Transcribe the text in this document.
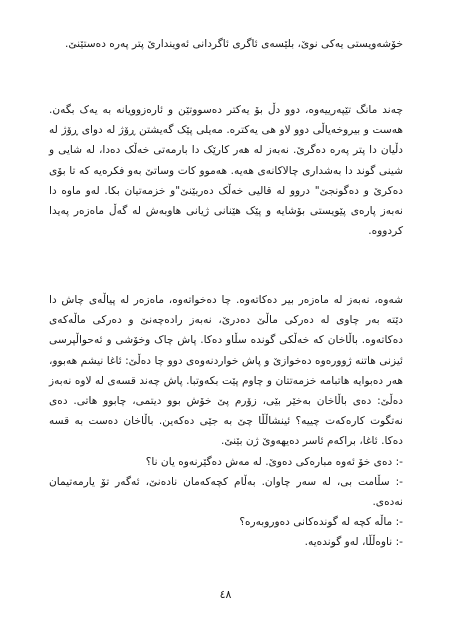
خۆشەویستی یەکی نوێ، بلێسەی ئاگری ئاگردانی ئەویندارێ پتر پەرە دەستێنێ.

چەند مانگ تێپەرییەوە، دوو دڵ بۆ یەکتر دەسووتێن و ئارەزوویانە بە یەک بگەن. هەست و بیروخەیاڵی دوو لاو هی یەکترە. مەیلی پێک گەیشتن ڕۆژ لە دوای ڕۆژ لە دڵیان دا پتر پەرە دەگرێ. نەبەز لە هەر کارێک دا بارمەتی خەڵک دەدا، لە شایی و شینی گوند دا بەشداری چالاکانەی هەیە. هەموو کات وساتێ بەو فکرەیە کە تا بۆی دەکرێ و دەگونجێ" دروو لە قالیی خەڵک دەربێنێ"و خزمەتیان بکا. لەو ماوە دا نەبەز پارەی پێویستی بۆشایە و پێک هێنانی ژیانی هاوبەش لە گەڵ ماەزەر پەیدا کردووە.

شەوە، نەبەز لە ماەزەر بیر دەکاتەوە. چا دەخواتەوە، ماەزەر لە پیاڵەی چاش دا دێتە بەر چاوی لە دەرکی ماڵێ دەدرێ، نەبەز رادەچەنێ و دەرکی ماڵەکەی دەکاتەوە. باڵاخان کە خەڵکی گوندە سڵاو دەکا. پاش چاک وخۆشی و ئەحواڵپرسی ئیزنی هاتنە ژوورەوە دەخوازێ و پاش خواردنەوەی دوو چا دەڵێ: ئاغا نیشم هەبوو، هەر دەبوایە هاتبامە خزمەتتان و چاوم پێت بکەوتبا. پاش چەند قسەی لە لاوە نەبەز دەڵێ: دەی باڵاخان بەخێر بێی، زۆرم پێ خۆش بوو دیتمی، چابوو هاتی. دەی نەتگوت کارەکەت چییە؟ ئینشاڵڵا چێ بە جێی دەکەین. باڵاخان دەست بە قسە دەکا. ئاغا، براکەم ئاسر دەیهەوێ ژن بێنێ.

-: دەی خۆ ئەوە مبارەکی دەوێ. لە مەش دەگێرنەوە یان نا؟

-: سڵامت بی، لە سەر چاوان. بەڵام کچەکەمان نادەنێ، ئەگەر تۆ یارمەتیمان نەدەی.

-: ماڵە کچە لە گوندەکانی دەوروبەرە؟

-: ناوەڵڵا، لەو گوندەیە.

٤٨
